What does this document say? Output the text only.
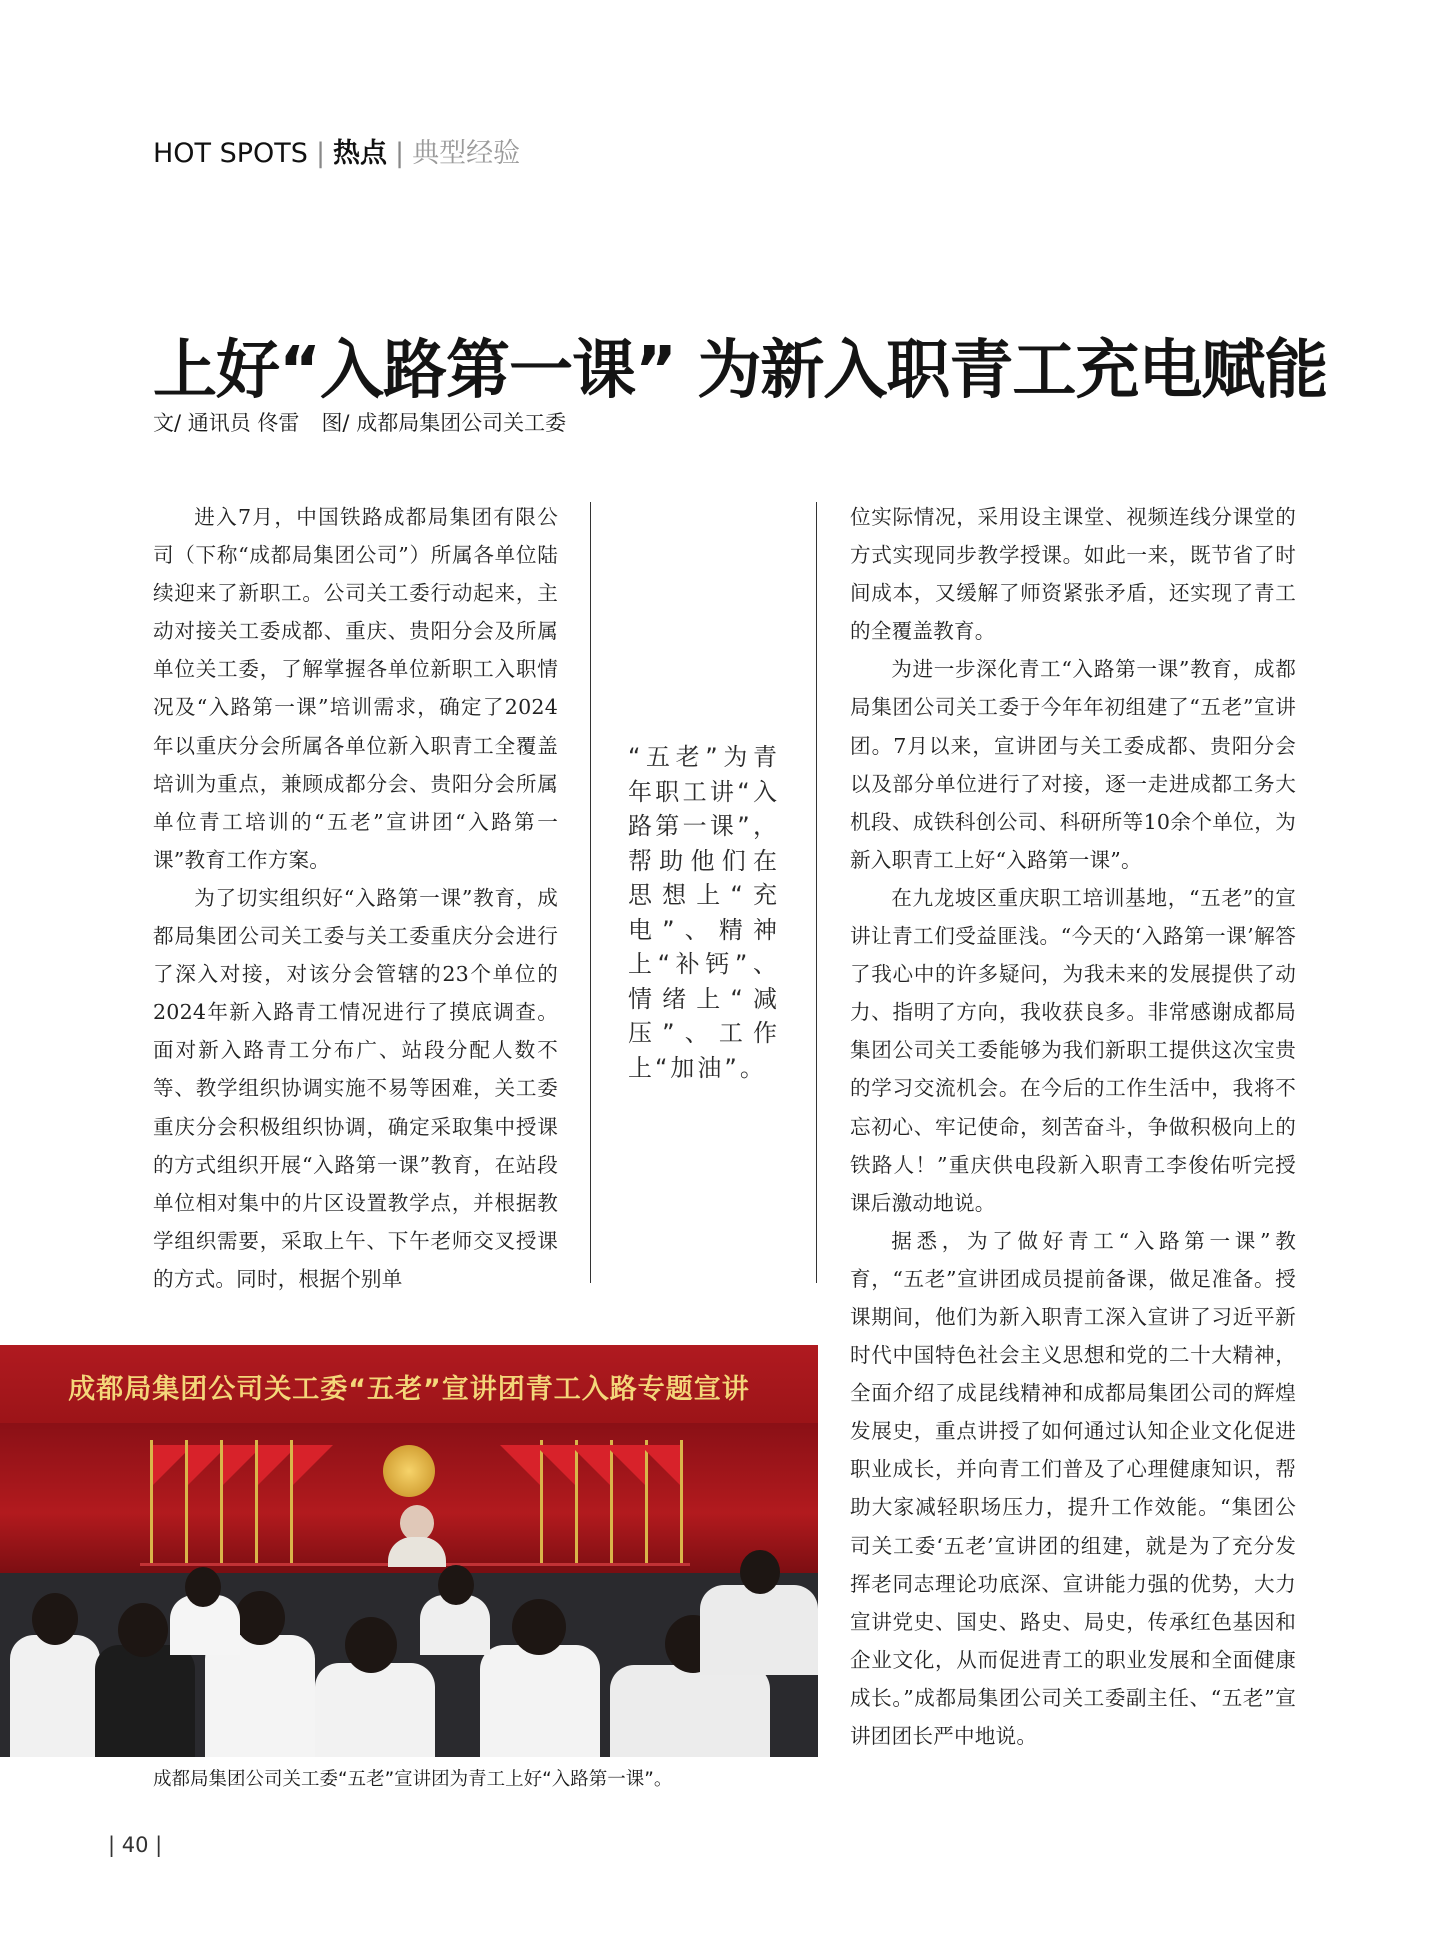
HOT SPOTS | 热点 | 典型经验
上好“入路第一课” 为新入职青工充电赋能
文/ 通讯员 佟雷 图/ 成都局集团公司关工委

进入7月，中国铁路成都局集团有限公司（下称“成都局集团公司”）所属各单位陆续迎来了新职工。公司关工委行动起来，主动对接关工委成都、重庆、贵阳分会及所属单位关工委，了解掌握各单位新职工入职情况及“入路第一课”培训需求，确定了2024年以重庆分会所属各单位新入职青工全覆盖培训为重点，兼顾成都分会、贵阳分会所属单位青工培训的“五老”宣讲团“入路第一课”教育工作方案。

为了切实组织好“入路第一课”教育，成都局集团公司关工委与关工委重庆分会进行了深入对接，对该分会管辖的23个单位的2024年新入路青工情况进行了摸底调查。面对新入路青工分布广、站段分配人数不等、教学组织协调实施不易等困难，关工委重庆分会积极组织协调，确定采取集中授课的方式组织开展“入路第一课”教育，在站段单位相对集中的片区设置教学点，并根据教学组织需要，采取上午、下午老师交叉授课的方式。同时，根据个别单

“五老”为青年职工讲“入路第一课”，帮助他们在思想上“充电”、精神上“补钙”、情绪上“减压”、工作上“加油”。

位实际情况，采用设主课堂、视频连线分课堂的方式实现同步教学授课。如此一来，既节省了时间成本，又缓解了师资紧张矛盾，还实现了青工的全覆盖教育。

为进一步深化青工“入路第一课”教育，成都局集团公司关工委于今年年初组建了“五老”宣讲团。7月以来，宣讲团与关工委成都、贵阳分会以及部分单位进行了对接，逐一走进成都工务大机段、成铁科创公司、科研所等10余个单位，为新入职青工上好“入路第一课”。

在九龙坡区重庆职工培训基地，“五老”的宣讲让青工们受益匪浅。“今天的‘入路第一课’解答了我心中的许多疑问，为我未来的发展提供了动力、指明了方向，我收获良多。非常感谢成都局集团公司关工委能够为我们新职工提供这次宝贵的学习交流机会。在今后的工作生活中，我将不忘初心、牢记使命，刻苦奋斗，争做积极向上的铁路人！”重庆供电段新入职青工李俊佑听完授课后激动地说。

据悉，为了做好青工“入路第一课”教育，“五老”宣讲团成员提前备课，做足准备。授课期间，他们为新入职青工深入宣讲了习近平新时代中国特色社会主义思想和党的二十大精神，全面介绍了成昆线精神和成都局集团公司的辉煌发展史，重点讲授了如何通过认知企业文化促进职业成长，并向青工们普及了心理健康知识，帮助大家减轻职场压力，提升工作效能。“集团公司关工委‘五老’宣讲团的组建，就是为了充分发挥老同志理论功底深、宣讲能力强的优势，大力宣讲党史、国史、路史、局史，传承红色基因和企业文化，从而促进青工的职业发展和全面健康成长。”成都局集团公司关工委副主任、“五老”宣讲团团长严中地说。

成都局集团公司关工委“五老”宣讲团青工入路专题宣讲
成都局集团公司关工委“五老”宣讲团为青工上好“入路第一课”。
| 40 |
